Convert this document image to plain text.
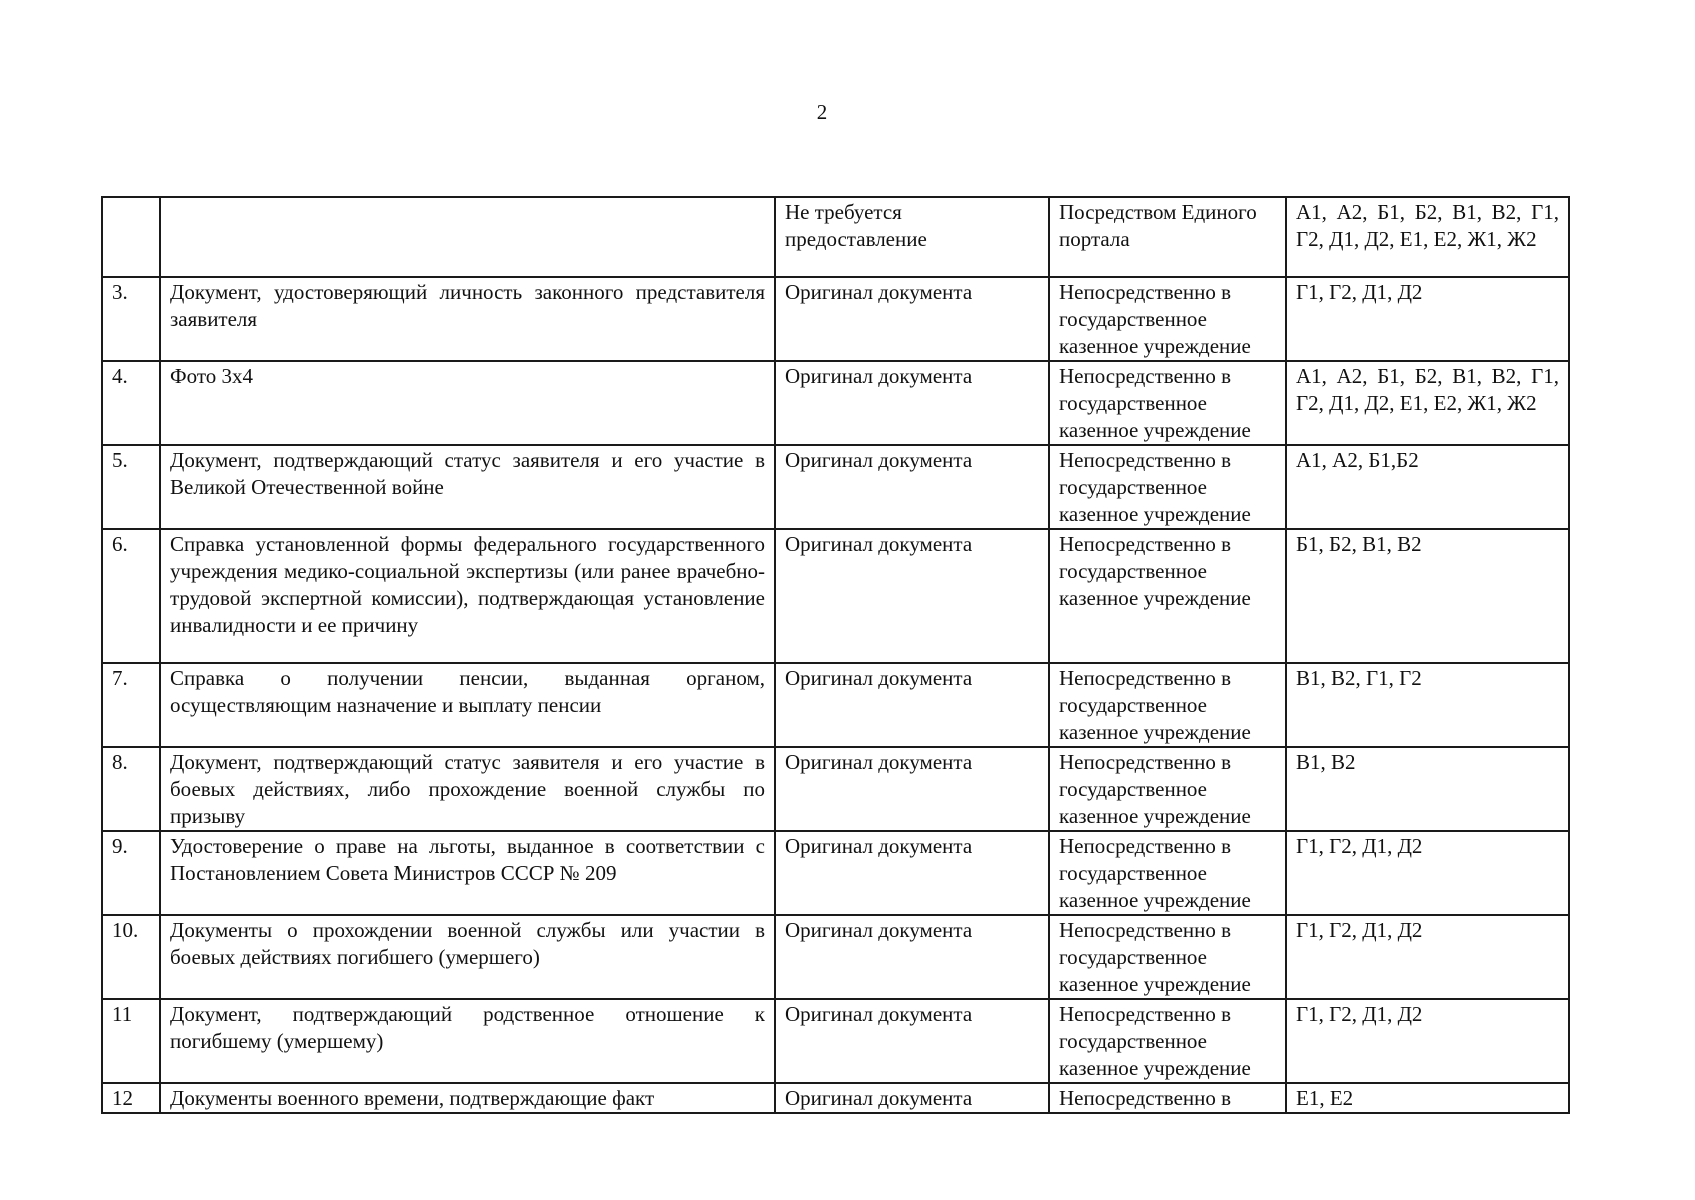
2
		Не требуется предоставление	Посредством Единого портала	А1, А2, Б1, Б2, В1, В2, Г1, Г2, Д1, Д2, Е1, Е2, Ж1, Ж2
3.	Документ, удостоверяющий личность законного представителя заявителя	Оригинал документа	Непосредственно в государственное казенное учреждение	Г1, Г2, Д1, Д2
4.	Фото 3х4	Оригинал документа	Непосредственно в государственное казенное учреждение	А1, А2, Б1, Б2, В1, В2, Г1, Г2, Д1, Д2, Е1, Е2, Ж1, Ж2
5.	Документ, подтверждающий статус заявителя и его участие в Великой Отечественной войне	Оригинал документа	Непосредственно в государственное казенное учреждение	А1, А2, Б1,Б2
6.	Справка установленной формы федерального государственного учреждения медико-социальной экспертизы (или ранее врачебно-трудовой экспертной комиссии), подтверждающая установление инвалидности и ее причину	Оригинал документа	Непосредственно в государственное казенное учреждение	Б1, Б2, В1, В2
7.	Справка о получении пенсии, выданная органом, осуществляющим назначение и выплату пенсии	Оригинал документа	Непосредственно в государственное казенное учреждение	В1, В2, Г1, Г2
8.	Документ, подтверждающий статус заявителя и его участие в боевых действиях, либо прохождение военной службы по призыву	Оригинал документа	Непосредственно в государственное казенное учреждение	В1, В2
9.	Удостоверение о праве на льготы, выданное в соответствии с Постановлением Совета Министров СССР № 209	Оригинал документа	Непосредственно в государственное казенное учреждение	Г1, Г2, Д1, Д2
10.	Документы о прохождении военной службы или участии в боевых действиях погибшего (умершего)	Оригинал документа	Непосредственно в государственное казенное учреждение	Г1, Г2, Д1, Д2
11	Документ, подтверждающий родственное отношение к погибшему (умершему)	Оригинал документа	Непосредственно в государственное казенное учреждение	Г1, Г2, Д1, Д2
12	Документы военного времени, подтверждающие факт	Оригинал документа	Непосредственно в	Е1, Е2
